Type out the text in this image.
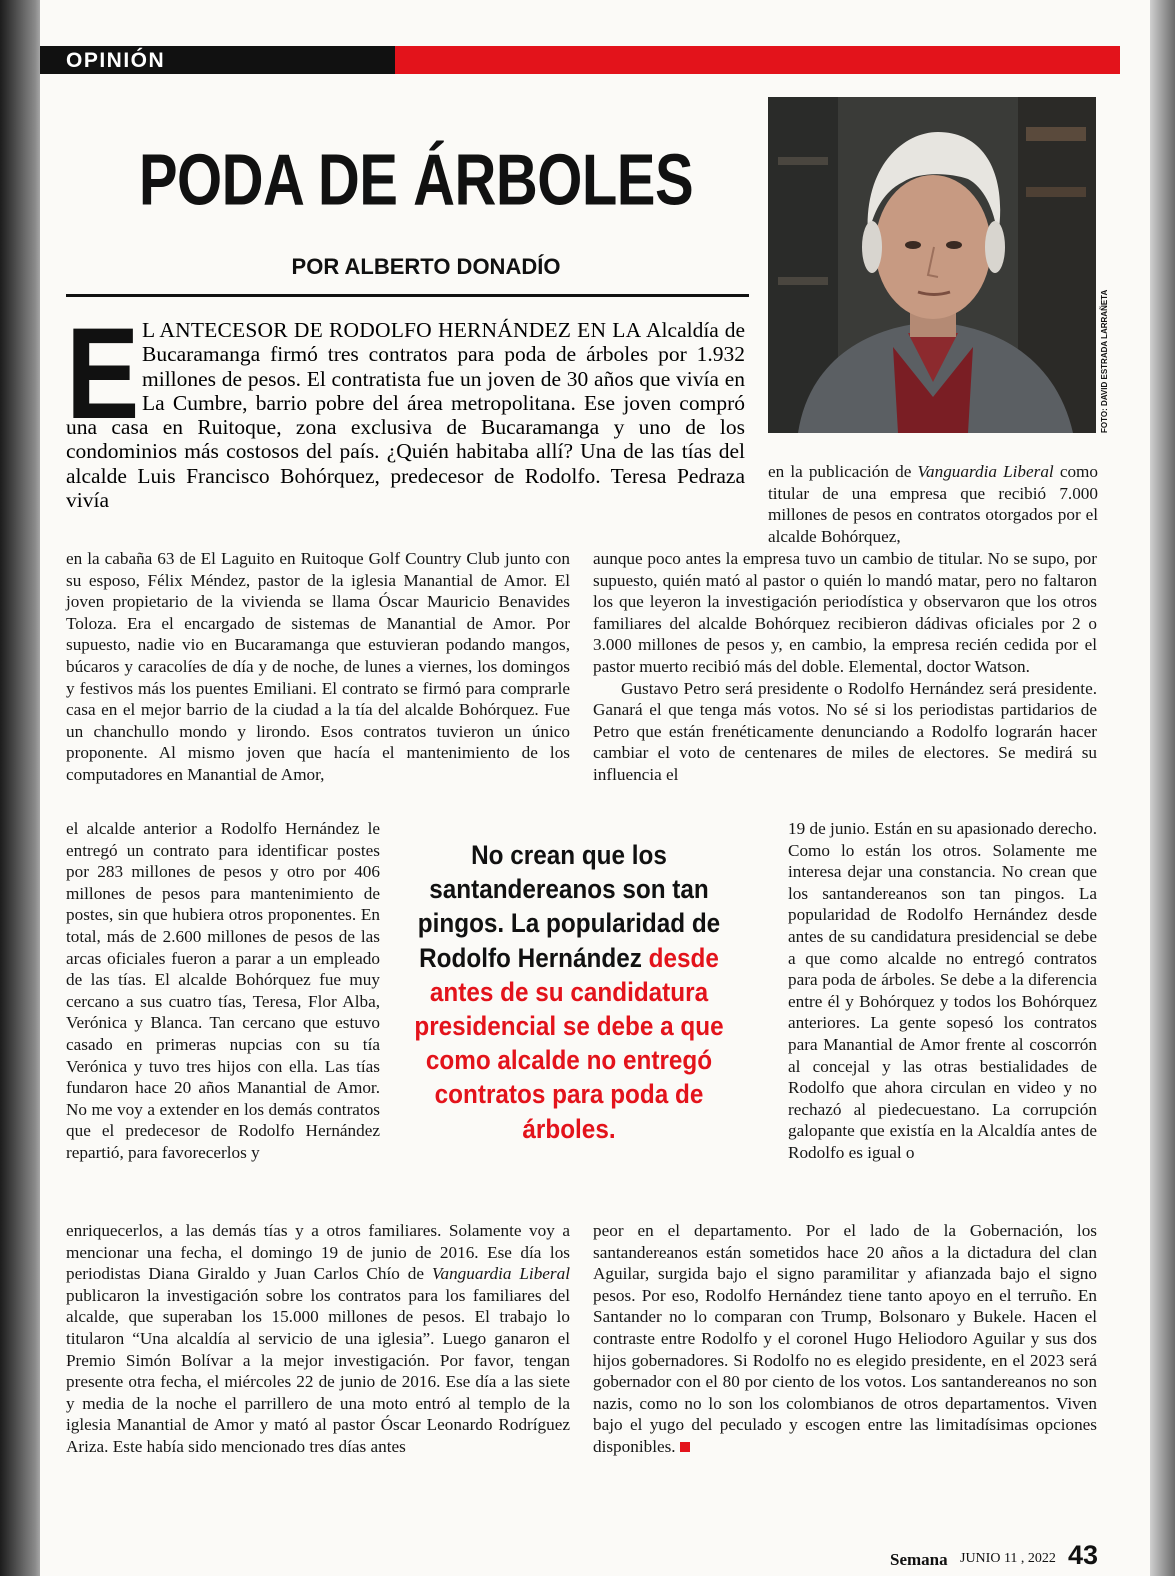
OPINIÓN
PODA DE ÁRBOLES
POR ALBERTO DONADÍO
FOTO: DAVID ESTRADA LARRAÑETA
E L ANTECESOR DE RODOLFO HERNÁNDEZ EN LA Alcaldía de Bucaramanga firmó tres contratos para poda de árboles por 1.932 millones de pesos. El contratista fue un joven de 30 años que vivía en La Cumbre, barrio pobre del área metropolitana. Ese joven compró una casa en Ruitoque, zona exclusiva de Bucaramanga y uno de los condominios más costosos del país. ¿Quién habitaba allí? Una de las tías del alcalde Luis Francisco Bohórquez, predecesor de Rodolfo. Teresa Pedraza vivía
en la publicación de Vanguardia Liberal como titular de una empresa que recibió 7.000 millones de pesos en contratos otorgados por el alcalde Bohórquez,
en la cabaña 63 de El Laguito en Ruitoque Golf Country Club junto con su esposo, Félix Méndez, pastor de la iglesia Manantial de Amor. El joven propietario de la vivienda se llama Óscar Mauricio Benavides Toloza. Era el encargado de sistemas de Manantial de Amor. Por supuesto, nadie vio en Bucaramanga que estuvieran podando mangos, búcaros y caracolíes de día y de noche, de lunes a viernes, los domingos y festivos más los puentes Emiliani. El contrato se firmó para comprarle casa en el mejor barrio de la ciudad a la tía del alcalde Bohórquez. Fue un chanchullo mondo y lirondo. Esos contratos tuvieron un único proponente. Al mismo joven que hacía el mantenimiento de los computadores en Manantial de Amor,
el alcalde anterior a Rodolfo Hernández le entregó un contrato para identificar postes por 283 millones de pesos y otro por 406 millones de pesos para mantenimiento de postes, sin que hubiera otros proponentes. En total, más de 2.600 millones de pesos de las arcas oficiales fueron a parar a un empleado de las tías. El alcalde Bohórquez fue muy cercano a sus cuatro tías, Teresa, Flor Alba, Verónica y Blanca. Tan cercano que estuvo casado en primeras nupcias con su tía Verónica y tuvo tres hijos con ella. Las tías fundaron hace 20 años Manantial de Amor. No me voy a extender en los demás contratos que el predecesor de Rodolfo Hernández repartió, para favorecerlos y
enriquecerlos, a las demás tías y a otros familiares. Solamente voy a mencionar una fecha, el domingo 19 de junio de 2016. Ese día los periodistas Diana Giraldo y Juan Carlos Chío de Vanguardia Liberal publicaron la investigación sobre los contratos para los familiares del alcalde, que superaban los 15.000 millones de pesos. El trabajo lo titularon “Una alcaldía al servicio de una iglesia”. Luego ganaron el Premio Simón Bolívar a la mejor investigación. Por favor, tengan presente otra fecha, el miércoles 22 de junio de 2016. Ese día a las siete y media de la noche el parrillero de una moto entró al templo de la iglesia Manantial de Amor y mató al pastor Óscar Leonardo Rodríguez Ariza. Este había sido mencionado tres días antes

aunque poco antes la empresa tuvo un cambio de titular. No se supo, por supuesto, quién mató al pastor o quién lo mandó matar, pero no faltaron los que leyeron la investigación periodística y observaron que los otros familiares del alcalde Bohórquez recibieron dádivas oficiales por 2 o 3.000 millones de pesos y, en cambio, la empresa recién cedida por el pastor muerto recibió más del doble. Elemental, doctor Watson.

Gustavo Petro será presidente o Rodolfo Hernández será presidente. Ganará el que tenga más votos. No sé si los periodistas partidarios de Petro que están frenéticamente denunciando a Rodolfo lograrán hacer cambiar el voto de centenares de miles de electores. Se medirá su influencia el

19 de junio. Están en su apasionado derecho. Como lo están los otros. Solamente me interesa dejar una constancia. No crean que los santandereanos son tan pingos. La popularidad de Rodolfo Hernández desde antes de su candidatura presidencial se debe a que como alcalde no entregó contratos para poda de árboles. Se debe a la diferencia entre él y Bohórquez y todos los Bohórquez anteriores. La gente sopesó los contratos para Manantial de Amor frente al coscorrón al concejal y las otras bestialidades de Rodolfo que ahora circulan en video y no rechazó al piedecuestano. La corrupción galopante que existía en la Alcaldía antes de Rodolfo es igual o
peor en el departamento. Por el lado de la Gobernación, los santandereanos están sometidos hace 20 años a la dictadura del clan Aguilar, surgida bajo el signo paramilitar y afianzada bajo el signo pesos. Por eso, Rodolfo Hernández tiene tanto apoyo en el terruño. En Santander no lo comparan con Trump, Bolsonaro y Bukele. Hacen el contraste entre Rodolfo y el coronel Hugo Heliodoro Aguilar y sus dos hijos gobernadores. Si Rodolfo no es elegido presidente, en el 2023 será gobernador con el 80 por ciento de los votos. Los santandereanos no son nazis, como no lo son los colombianos de otros departamentos. Viven bajo el yugo del peculado y escogen entre las limitadísimas opciones disponibles.
No crean que los santandereanos son tan pingos. La popularidad de Rodolfo Hernández desde antes de su candidatura presidencial se debe a que como alcalde no entregó contratos para poda de árboles.
Semana JUNIO 11 , 2022 43
